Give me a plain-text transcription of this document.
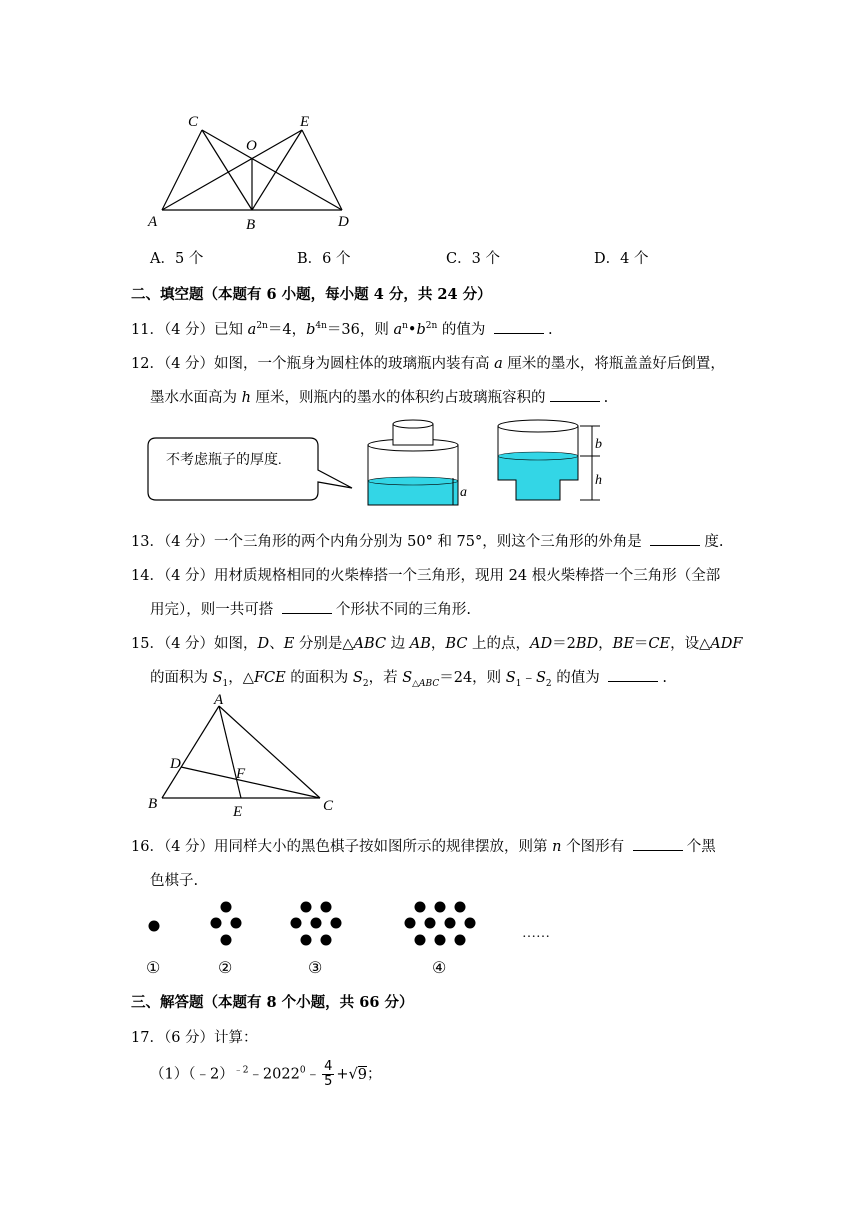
C	E
O
A	B	D
A．5 个	B．6 个	C．3 个	D．4 个
二、填空题（本题有 6 小题，每小题 4 分，共 24 分）
11．（4 分）已知 $a^{2n}=4$，$b^{4n}=36$，则 $a^n•b^{2n}$ 的值为	.
12．（4 分）如图，一个瓶身为圆柱体的玻璃瓶内装有高 a 厘米的墨水，将瓶盖盖好后倒置，
墨水水面高为 h 厘米，则瓶内的墨水的体积约占玻璃瓶容积的	.
不考虑瓶子的厚度.
a
b
h
13．（4 分）一个三角形的两个内角分别为 50° 和 75°，则这个三角形的外角是	度.
14．（4 分）用材质规格相同的火柴棒搭一个三角形，现用 24 根火柴棒搭一个三角形（全部
用完），则一共可搭	个形状不同的三角形.
15．（4 分）如图，D、E 分别是△ABC 边 AB，BC 上的点，AD＝2BD，BE＝CE，设△ADF
的面积为 $S_1$，△FCE 的面积为 $S_2$，若 $S_{\triangle ABC}=24$，则 $S_1﹣S_2$ 的值为	.
A
D
F
B	E	C
16．（4 分）用同样大小的黑色棋子按如图所示的规律摆放，则第 n 个图形有	个黑
色棋子.
……
①	②	③	④
三、解答题（本题有 8 个小题，共 66 分）
17．（6 分）计算：
（1）（﹣2）$^{﹣2}$﹣2022$^0$﹣ $\frac{4}{5} +√9$；
